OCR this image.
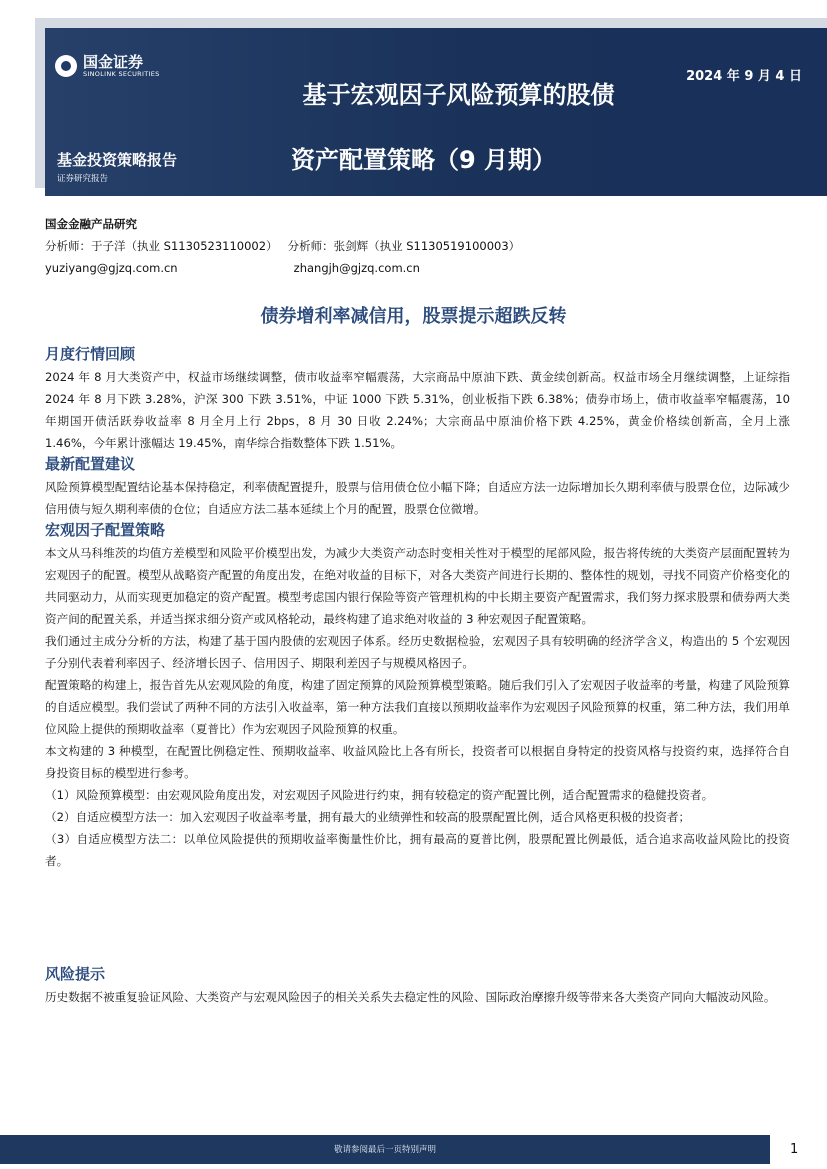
国金证券
SINOLINK SECURITIES	2024 年 9 月 4 日
基于宏观因子风险预算的股债
资产配置策略（9 月期）
基金投资策略报告
证券研究报告
国金金融产品研究
分析师：于子洋（执业 S1130523110002） 分析师：张剑辉（执业 S1130519100003）
yuziyang@gjzq.com.cn	zhangjh@gjzq.com.cn
债券增利率减信用，股票提示超跌反转
月度行情回顾

2024 年 8 月大类资产中，权益市场继续调整，债市收益率窄幅震荡，大宗商品中原油下跌、黄金续创新高。权益市场全月继续调整，上证综指 2024 年 8 月下跌 3.28%，沪深 300 下跌 3.51%，中证 1000 下跌 5.31%，创业板指下跌 6.38%；债券市场上，债市收益率窄幅震荡，10 年期国开债活跃券收益率 8 月全月上行 2bps，8 月 30 日收 2.24%；大宗商品中原油价格下跌 4.25%，黄金价格续创新高，全月上涨 1.46%，今年累计涨幅达 19.45%，南华综合指数整体下跌 1.51%。

最新配置建议

风险预算模型配置结论基本保持稳定，利率债配置提升，股票与信用债仓位小幅下降；自适应方法一边际增加长久期利率债与股票仓位，边际减少信用债与短久期利率债的仓位；自适应方法二基本延续上个月的配置，股票仓位微增。

宏观因子配置策略

本文从马科维茨的均值方差模型和风险平价模型出发，为减少大类资产动态时变相关性对于模型的尾部风险，报告将传统的大类资产层面配置转为宏观因子的配置。模型从战略资产配置的角度出发，在绝对收益的目标下，对各大类资产间进行长期的、整体性的规划，寻找不同资产价格变化的共同驱动力，从而实现更加稳定的资产配置。模型考虑国内银行保险等资产管理机构的中长期主要资产配置需求，我们努力探求股票和债券两大类资产间的配置关系，并适当探求细分资产或风格轮动，最终构建了追求绝对收益的 3 种宏观因子配置策略。

我们通过主成分分析的方法，构建了基于国内股债的宏观因子体系。经历史数据检验，宏观因子具有较明确的经济学含义，构造出的 5 个宏观因子分别代表着利率因子、经济增长因子、信用因子、期限利差因子与规模风格因子。

配置策略的构建上，报告首先从宏观风险的角度，构建了固定预算的风险预算模型策略。随后我们引入了宏观因子收益率的考量，构建了风险预算的自适应模型。我们尝试了两种不同的方法引入收益率，第一种方法我们直接以预期收益率作为宏观因子风险预算的权重，第二种方法，我们用单位风险上提供的预期收益率（夏普比）作为宏观因子风险预算的权重。

本文构建的 3 种模型，在配置比例稳定性、预期收益率、收益风险比上各有所长，投资者可以根据自身特定的投资风格与投资约束，选择符合自身投资目标的模型进行参考。

（1）风险预算模型：由宏观风险角度出发，对宏观因子风险进行约束，拥有较稳定的资产配置比例，适合配置需求的稳健投资者。

（2）自适应模型方法一：加入宏观因子收益率考量，拥有最大的业绩弹性和较高的股票配置比例，适合风格更积极的投资者；

（3）自适应模型方法二：以单位风险提供的预期收益率衡量性价比，拥有最高的夏普比例，股票配置比例最低，适合追求高收益风险比的投资者。

风险提示

历史数据不被重复验证风险、大类资产与宏观风险因子的相关关系失去稳定性的风险、国际政治摩擦升级等带来各大类资产同向大幅波动风险。

敬请参阅最后一页特别声明	1
